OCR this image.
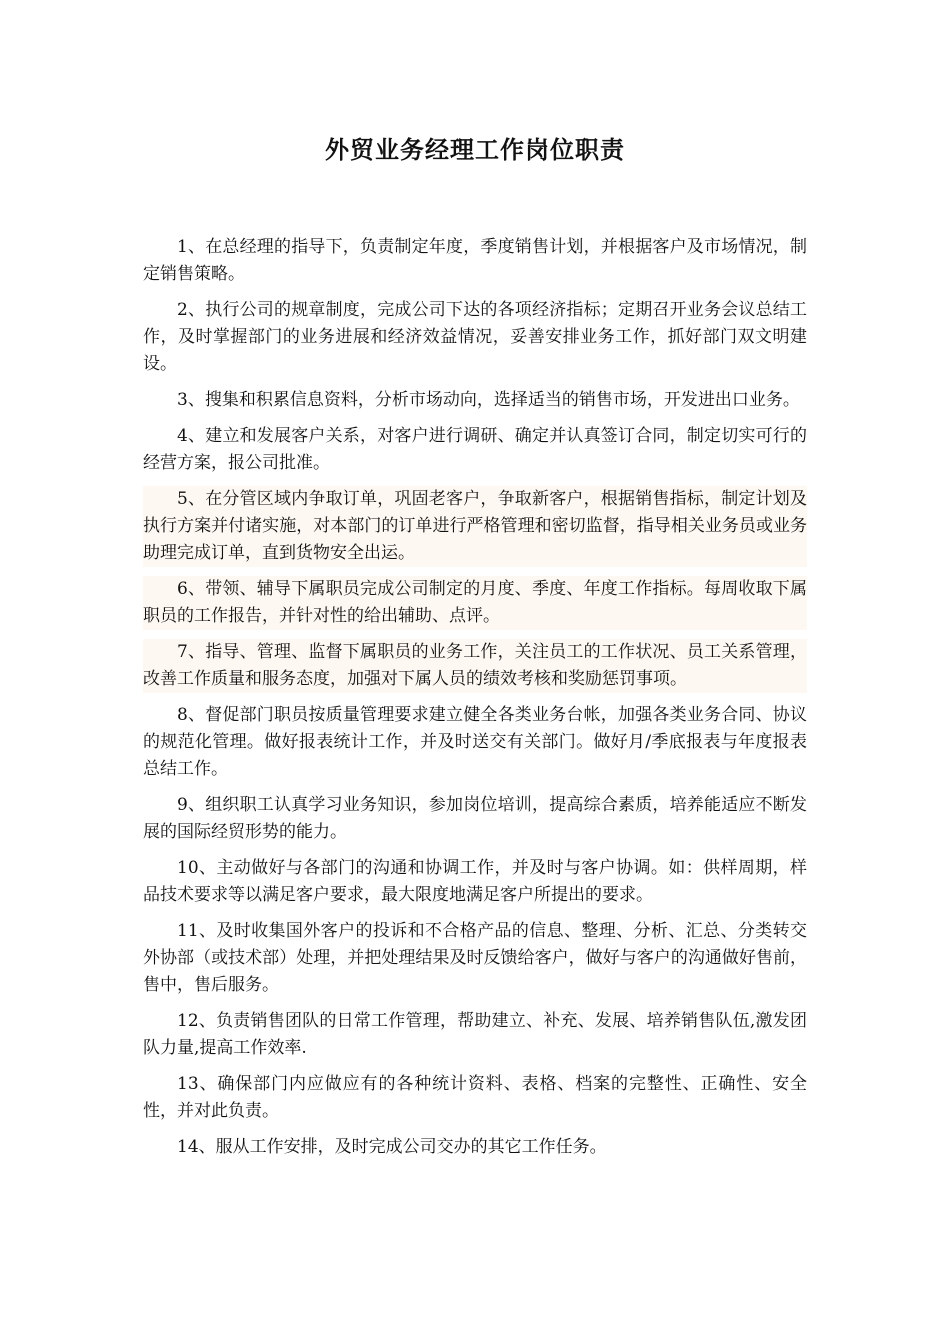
外贸业务经理工作岗位职责

1、在总经理的指导下，负责制定年度，季度销售计划，并根据客户及市场情况，制定销售策略。

2、执行公司的规章制度，完成公司下达的各项经济指标；定期召开业务会议总结工作，及时掌握部门的业务进展和经济效益情况，妥善安排业务工作，抓好部门双文明建设。

3、搜集和积累信息资料，分析市场动向，选择适当的销售市场，开发进出口业务。

4、建立和发展客户关系，对客户进行调研、确定并认真签订合同，制定切实可行的经营方案，报公司批准。

5、在分管区域内争取订单，巩固老客户，争取新客户，根据销售指标，制定计划及执行方案并付诸实施，对本部门的订单进行严格管理和密切监督，指导相关业务员或业务助理完成订单，直到货物安全出运。

6、带领、辅导下属职员完成公司制定的月度、季度、年度工作指标。每周收取下属职员的工作报告，并针对性的给出辅助、点评。

7、指导、管理、监督下属职员的业务工作，关注员工的工作状况、员工关系管理，改善工作质量和服务态度，加强对下属人员的绩效考核和奖励惩罚事项。

8、督促部门职员按质量管理要求建立健全各类业务台帐，加强各类业务合同、协议的规范化管理。做好报表统计工作，并及时送交有关部门。做好月/季底报表与年度报表总结工作。

9、组织职工认真学习业务知识，参加岗位培训，提高综合素质，培养能适应不断发展的国际经贸形势的能力。

10、主动做好与各部门的沟通和协调工作，并及时与客户协调。如：供样周期，样品技术要求等以满足客户要求，最大限度地满足客户所提出的要求。

11、及时收集国外客户的投诉和不合格产品的信息、整理、分析、汇总、分类转交外协部（或技术部）处理，并把处理结果及时反馈给客户，做好与客户的沟通做好售前，售中，售后服务。

12、负责销售团队的日常工作管理，帮助建立、补充、发展、培养销售队伍,激发团队力量,提高工作效率.

13、确保部门内应做应有的各种统计资料、表格、档案的完整性、正确性、安全性，并对此负责。

14、服从工作安排，及时完成公司交办的其它工作任务。
